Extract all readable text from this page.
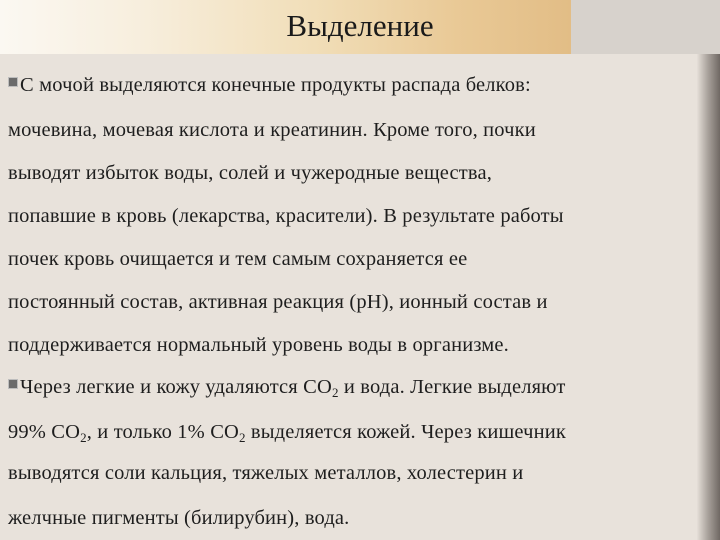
Выделение
С мочой выделяются конечные продукты распада белков:
мочевина, мочевая кислота и креатинин. Кроме того, почки
выводят избыток воды, солей и чужеродные вещества,
попавшие в кровь (лекарства, красители). В результате работы
почек кровь очищается и тем самым сохраняется ее
постоянный состав, активная реакция (рН), ионный состав и
поддерживается нормальный уровень воды в организме.
Через легкие и кожу удаляются $СО_2$ и вода. Легкие выделяют
99% $СО_2$, и только 1% $СО_2$ выделяется кожей. Через кишечник
выводятся соли кальция, тяжелых металлов, холестерин и
желчные пигменты (билирубин), вода.
